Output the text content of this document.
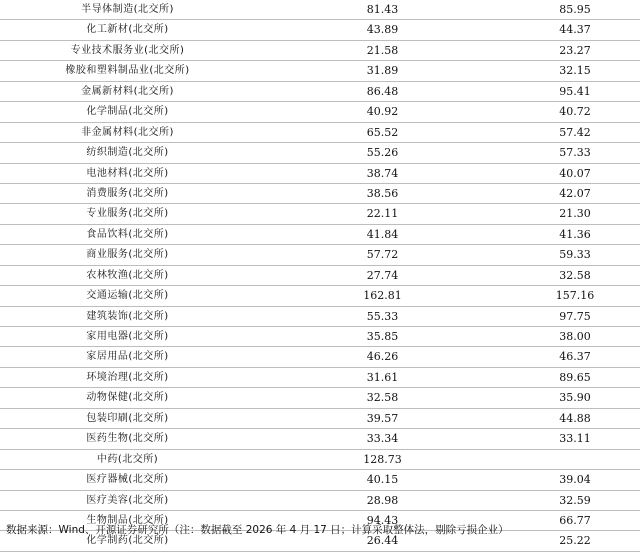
半导体制造(北交所)	81.43	85.95
化工新材(北交所)	43.89	44.37
专业技术服务业(北交所)	21.58	23.27
橡胶和塑料制品业(北交所)	31.89	32.15
金属新材料(北交所)	86.48	95.41
化学制品(北交所)	40.92	40.72
非金属材料(北交所)	65.52	57.42
纺织制造(北交所)	55.26	57.33
电池材料(北交所)	38.74	40.07
消费服务(北交所)	38.56	42.07
专业服务(北交所)	22.11	21.30
食品饮料(北交所)	41.84	41.36
商业服务(北交所)	57.72	59.33
农林牧渔(北交所)	27.74	32.58
交通运输(北交所)	162.81	157.16
建筑装饰(北交所)	55.33	97.75
家用电器(北交所)	35.85	38.00
家居用品(北交所)	46.26	46.37
环境治理(北交所)	31.61	89.65
动物保健(北交所)	32.58	35.90
包装印刷(北交所)	39.57	44.88
医药生物(北交所)	33.34	33.11
中药(北交所)	128.73
医疗器械(北交所)	40.15	39.04
医疗美容(北交所)	28.98	32.59
生物制品(北交所)	94.43	66.77
化学制药(北交所)	26.44	25.22
数据来源：Wind、开源证券研究所（注：数据截至 2026 年 4 月 17 日；计算采取整体法，剔除亏损企业）
